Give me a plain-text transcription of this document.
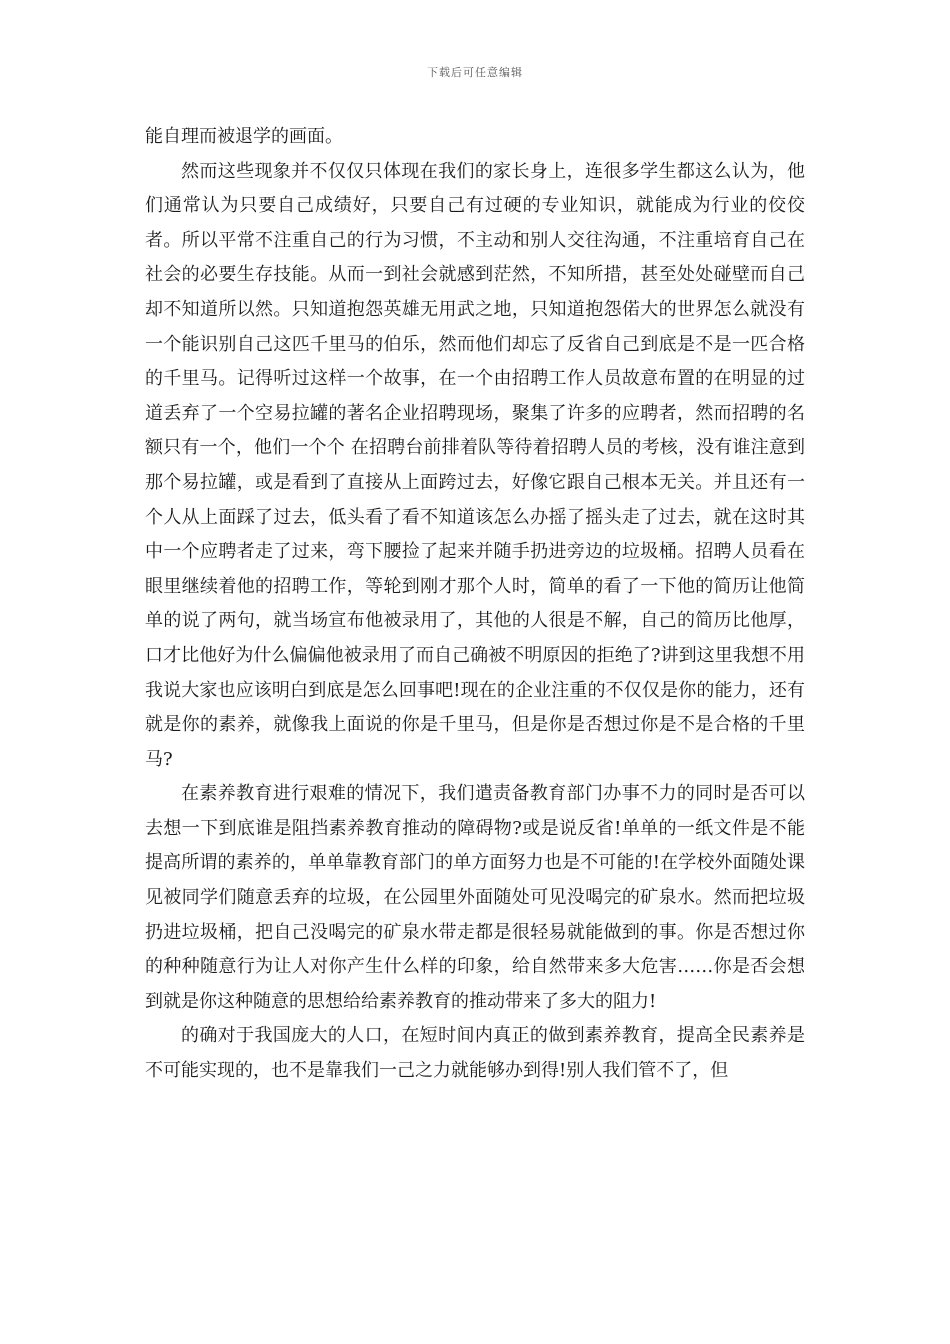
下载后可任意编辑

能自理而被退学的画面。

然而这些现象并不仅仅只体现在我们的家长身上，连很多学生都这么认为，他们通常认为只要自己成绩好，只要自己有过硬的专业知识，就能成为行业的佼佼者。所以平常不注重自己的行为习惯，不主动和别人交往沟通，不注重培育自己在社会的必要生存技能。从而一到社会就感到茫然，不知所措，甚至处处碰壁而自己却不知道所以然。只知道抱怨英雄无用武之地，只知道抱怨偌大的世界怎么就没有一个能识别自己这匹千里马的伯乐，然而他们却忘了反省自己到底是不是一匹合格的千里马。记得听过这样一个故事，在一个由招聘工作人员故意布置的在明显的过道丢弃了一个空易拉罐的著名企业招聘现场，聚集了许多的应聘者，然而招聘的名额只有一个，他们一个个 在招聘台前排着队等待着招聘人员的考核，没有谁注意到那个易拉罐，或是看到了直接从上面跨过去，好像它跟自己根本无关。并且还有一个人从上面踩了过去，低头看了看不知道该怎么办摇了摇头走了过去，就在这时其中一个应聘者走了过来，弯下腰捡了起来并随手扔进旁边的垃圾桶。招聘人员看在眼里继续着他的招聘工作，等轮到刚才那个人时，简单的看了一下他的简历让他简单的说了两句，就当场宣布他被录用了，其他的人很是不解，自己的简历比他厚，口才比他好为什么偏偏他被录用了而自己确被不明原因的拒绝了?讲到这里我想不用我说大家也应该明白到底是怎么回事吧!现在的企业注重的不仅仅是你的能力，还有就是你的素养，就像我上面说的你是千里马，但是你是否想过你是不是合格的千里马?

在素养教育进行艰难的情况下，我们遣责备教育部门办事不力的同时是否可以去想一下到底谁是阻挡素养教育推动的障碍物?或是说反省!单单的一纸文件是不能提高所谓的素养的，单单靠教育部门的单方面努力也是不可能的!在学校外面随处课见被同学们随意丢弃的垃圾，在公园里外面随处可见没喝完的矿泉水。然而把垃圾扔进垃圾桶，把自己没喝完的矿泉水带走都是很轻易就能做到的事。你是否想过你的种种随意行为让人对你产生什么样的印象，给自然带来多大危害……你是否会想到就是你这种随意的思想给给素养教育的推动带来了多大的阻力!

的确对于我国庞大的人口，在短时间内真正的做到素养教育，提高全民素养是不可能实现的，也不是靠我们一己之力就能够办到得!别人我们管不了，但
